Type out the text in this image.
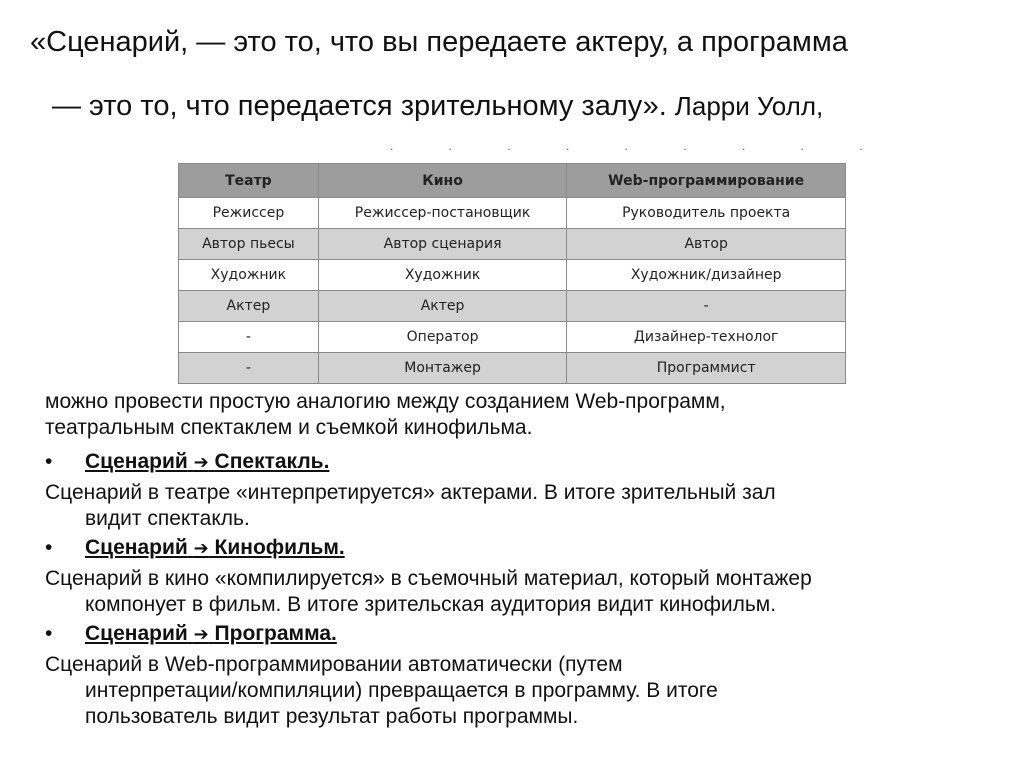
«Сценарий, — это то, что вы передаете актеру, а программа
— это то, что передается зрительному залу». Ларри Уолл,
. . . . . . . . .
Театр	Кино	Web-программирование
Режиссер	Режиссер-постановщик	Руководитель проекта
Автор пьесы	Автор сценария	Автор
Художник	Художник	Художник/дизайнер
Актер	Актер	-
-	Оператор	Дизайнер-технолог
-	Монтажер	Программист
можно провести простую аналогию между созданием Web-программ,
театральным спектаклем и съемкой кинофильма.
• Сценарий ➔ Спектакль.
Сценарий в театре «интерпретируется» актерами. В итоге зрительный зал
видит спектакль.
• Сценарий ➔ Кинофильм.
Сценарий в кино «компилируется» в съемочный материал, который монтажер
компонует в фильм. В итоге зрительская аудитория видит кинофильм.
• Сценарий ➔ Программа.
Сценарий в Web-программировании автоматически (путем
интерпретации/компиляции) превращается в программу. В итоге
пользователь видит результат работы программы.
